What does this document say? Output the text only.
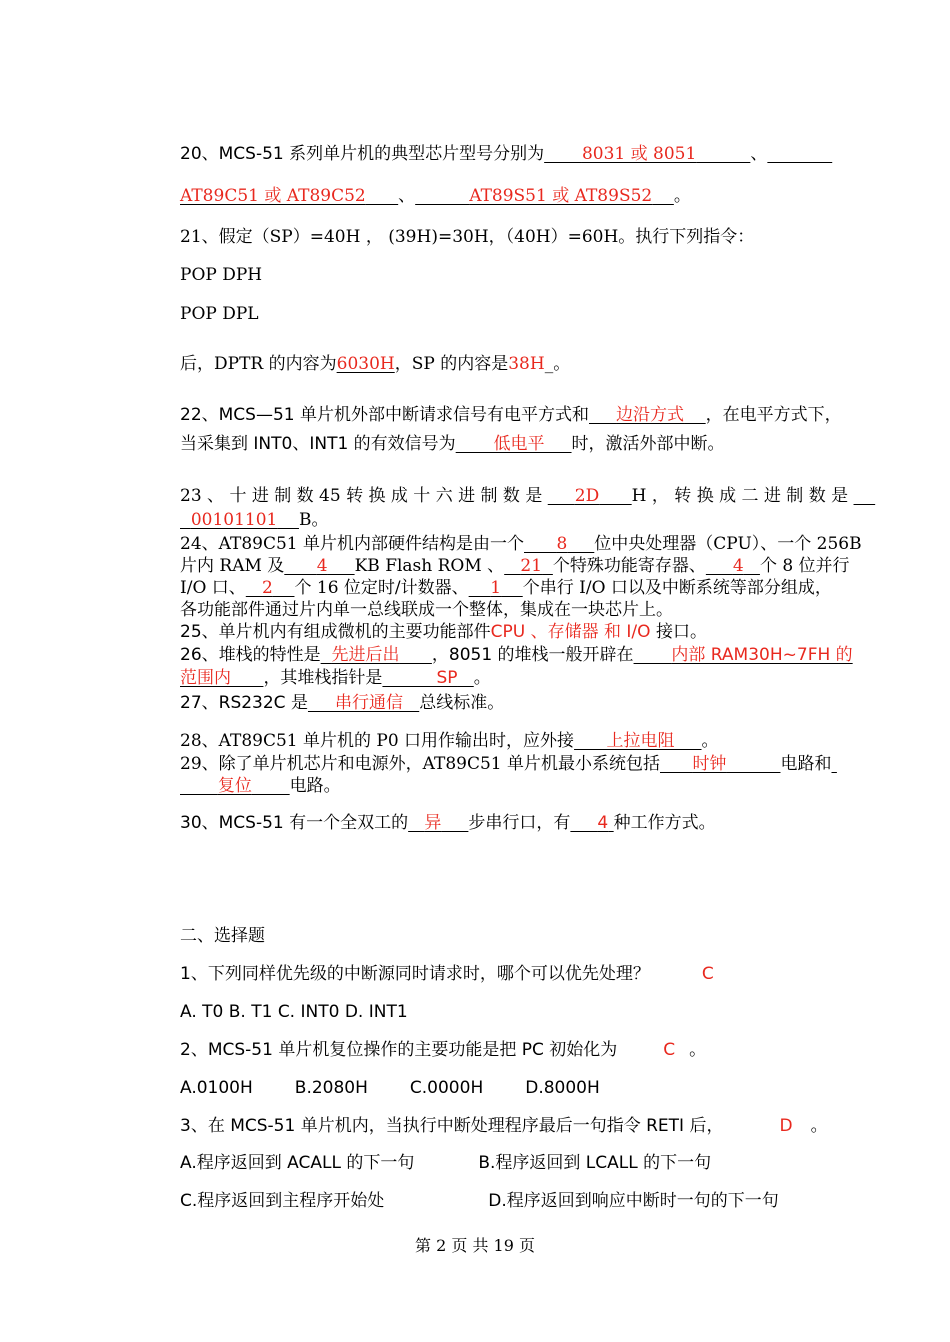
20、MCS-51 系列单片机的典型芯片型号分别为 8031 或 8051	、
AT89C51 或 AT89C52 、	AT89S51 或 AT89S52 。
21、假定（SP）=40H ， (39H)=30H，（40H）=60H。执行下列指令：
POP DPH
POP DPL
后，DPTR 的内容为6030H，SP 的内容是38H_。
22、MCS—51 单片机外部中断请求信号有电平方式和 边沿方式 ，在电平方式下，
当采集到 INT0、INT1 的有效信号为 低电平 时，激活外部中断。
23 、 十 进 制 数 45 转 换 成 十 六 进 制 数 是 2D H ， 转 换 成 二 进 制 数 是
00101101 B。
24、AT89C51 单片机内部硬件结构是由一个 8 位中央处理器（CPU）、一个 256B
片内 RAM 及 4 KB Flash ROM 、 21 个特殊功能寄存器、 4 个 8 位并行
I/O 口、 2 个 16 位定时/计数器、 1 个串行 I/O 口以及中断系统等部分组成，
各功能部件通过片内单一总线联成一个整体，集成在一块芯片上。
25、单片机内有组成微机的主要功能部件CPU 、存储器 和 I/O 接口。
26、堆栈的特性是 先进后出 ，8051 的堆栈一般开辟在 内部 RAM30H~7FH 的
范围内 ，其堆栈指针是	SP 。
27、RS232C 是 串行通信 总线标准。
28、AT89C51 单片机的 P0 口用作输出时，应外接 上拉电阻 。
29、除了单片机芯片和电源外，AT89C51 单片机最小系统包括 时钟	电路和
复位 电路。
30、MCS-51 有一个全双工的 异 步串行口，有 4 种工作方式。
二、选择题
1、下列同样优先级的中断源同时请求时，哪个可以优先处理？	C
A. T0 B. T1 C. INT0 D. INT1
2、MCS-51 单片机复位操作的主要功能是把 PC 初始化为	C 。
A.0100H B.2080H C.0000H D.8000H
3、在 MCS-51 单片机内，当执行中断处理程序最后一句指令 RETI 后，	D 。
A.程序返回到 ACALL 的下一句	B.程序返回到 LCALL 的下一句
C.程序返回到主程序开始处	D.程序返回到响应中断时一句的下一句
第 2 页 共 19 页
